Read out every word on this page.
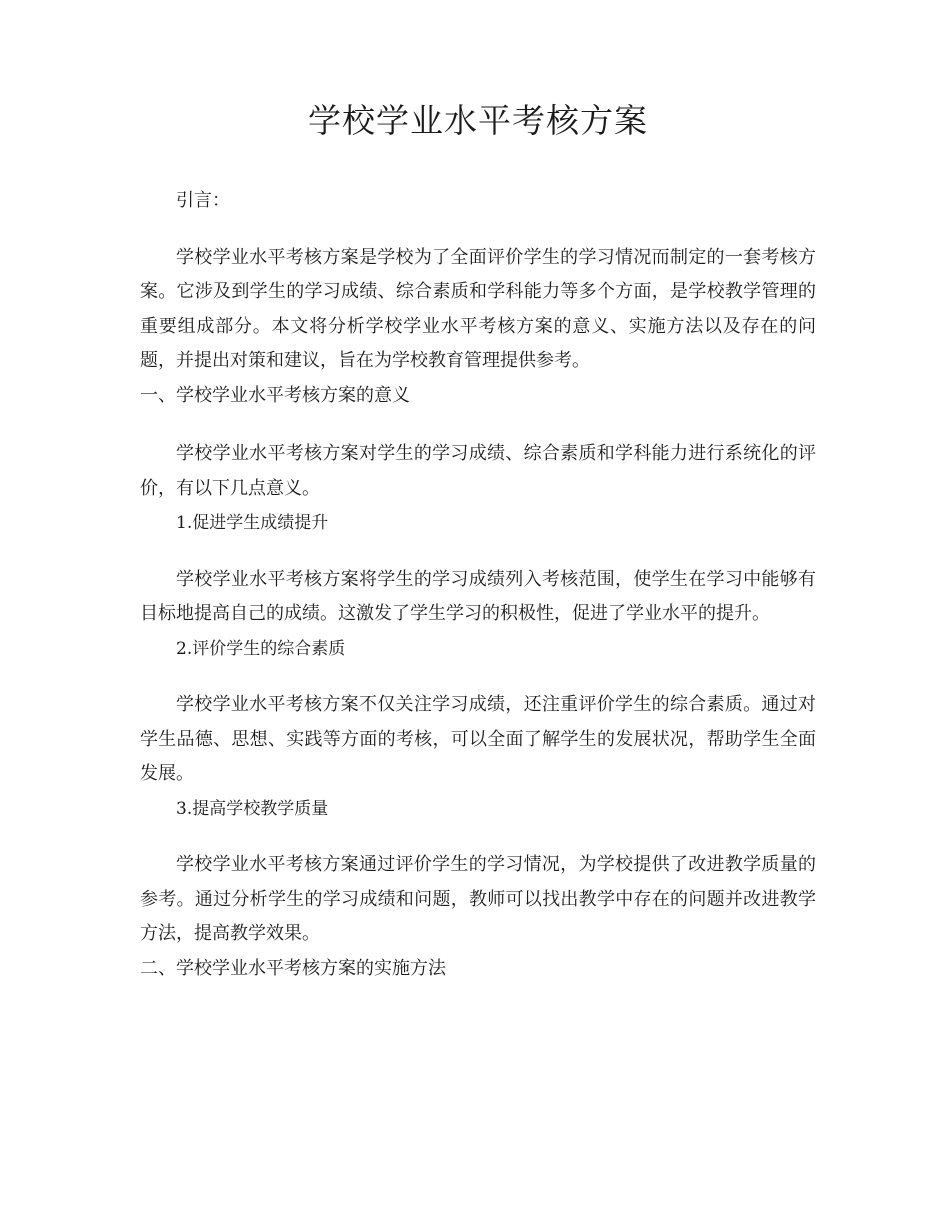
学校学业水平考核方案

引言：

学校学业水平考核方案是学校为了全面评价学生的学习情况而制定的一套考核方案。它涉及到学生的学习成绩、综合素质和学科能力等多个方面，是学校教学管理的重要组成部分。本文将分析学校学业水平考核方案的意义、实施方法以及存在的问题，并提出对策和建议，旨在为学校教育管理提供参考。

一、学校学业水平考核方案的意义

学校学业水平考核方案对学生的学习成绩、综合素质和学科能力进行系统化的评价，有以下几点意义。

1.促进学生成绩提升

学校学业水平考核方案将学生的学习成绩列入考核范围，使学生在学习中能够有目标地提高自己的成绩。这激发了学生学习的积极性，促进了学业水平的提升。

2.评价学生的综合素质

学校学业水平考核方案不仅关注学习成绩，还注重评价学生的综合素质。通过对学生品德、思想、实践等方面的考核，可以全面了解学生的发展状况，帮助学生全面发展。

3.提高学校教学质量

学校学业水平考核方案通过评价学生的学习情况，为学校提供了改进教学质量的参考。通过分析学生的学习成绩和问题，教师可以找出教学中存在的问题并改进教学方法，提高教学效果。

二、学校学业水平考核方案的实施方法
